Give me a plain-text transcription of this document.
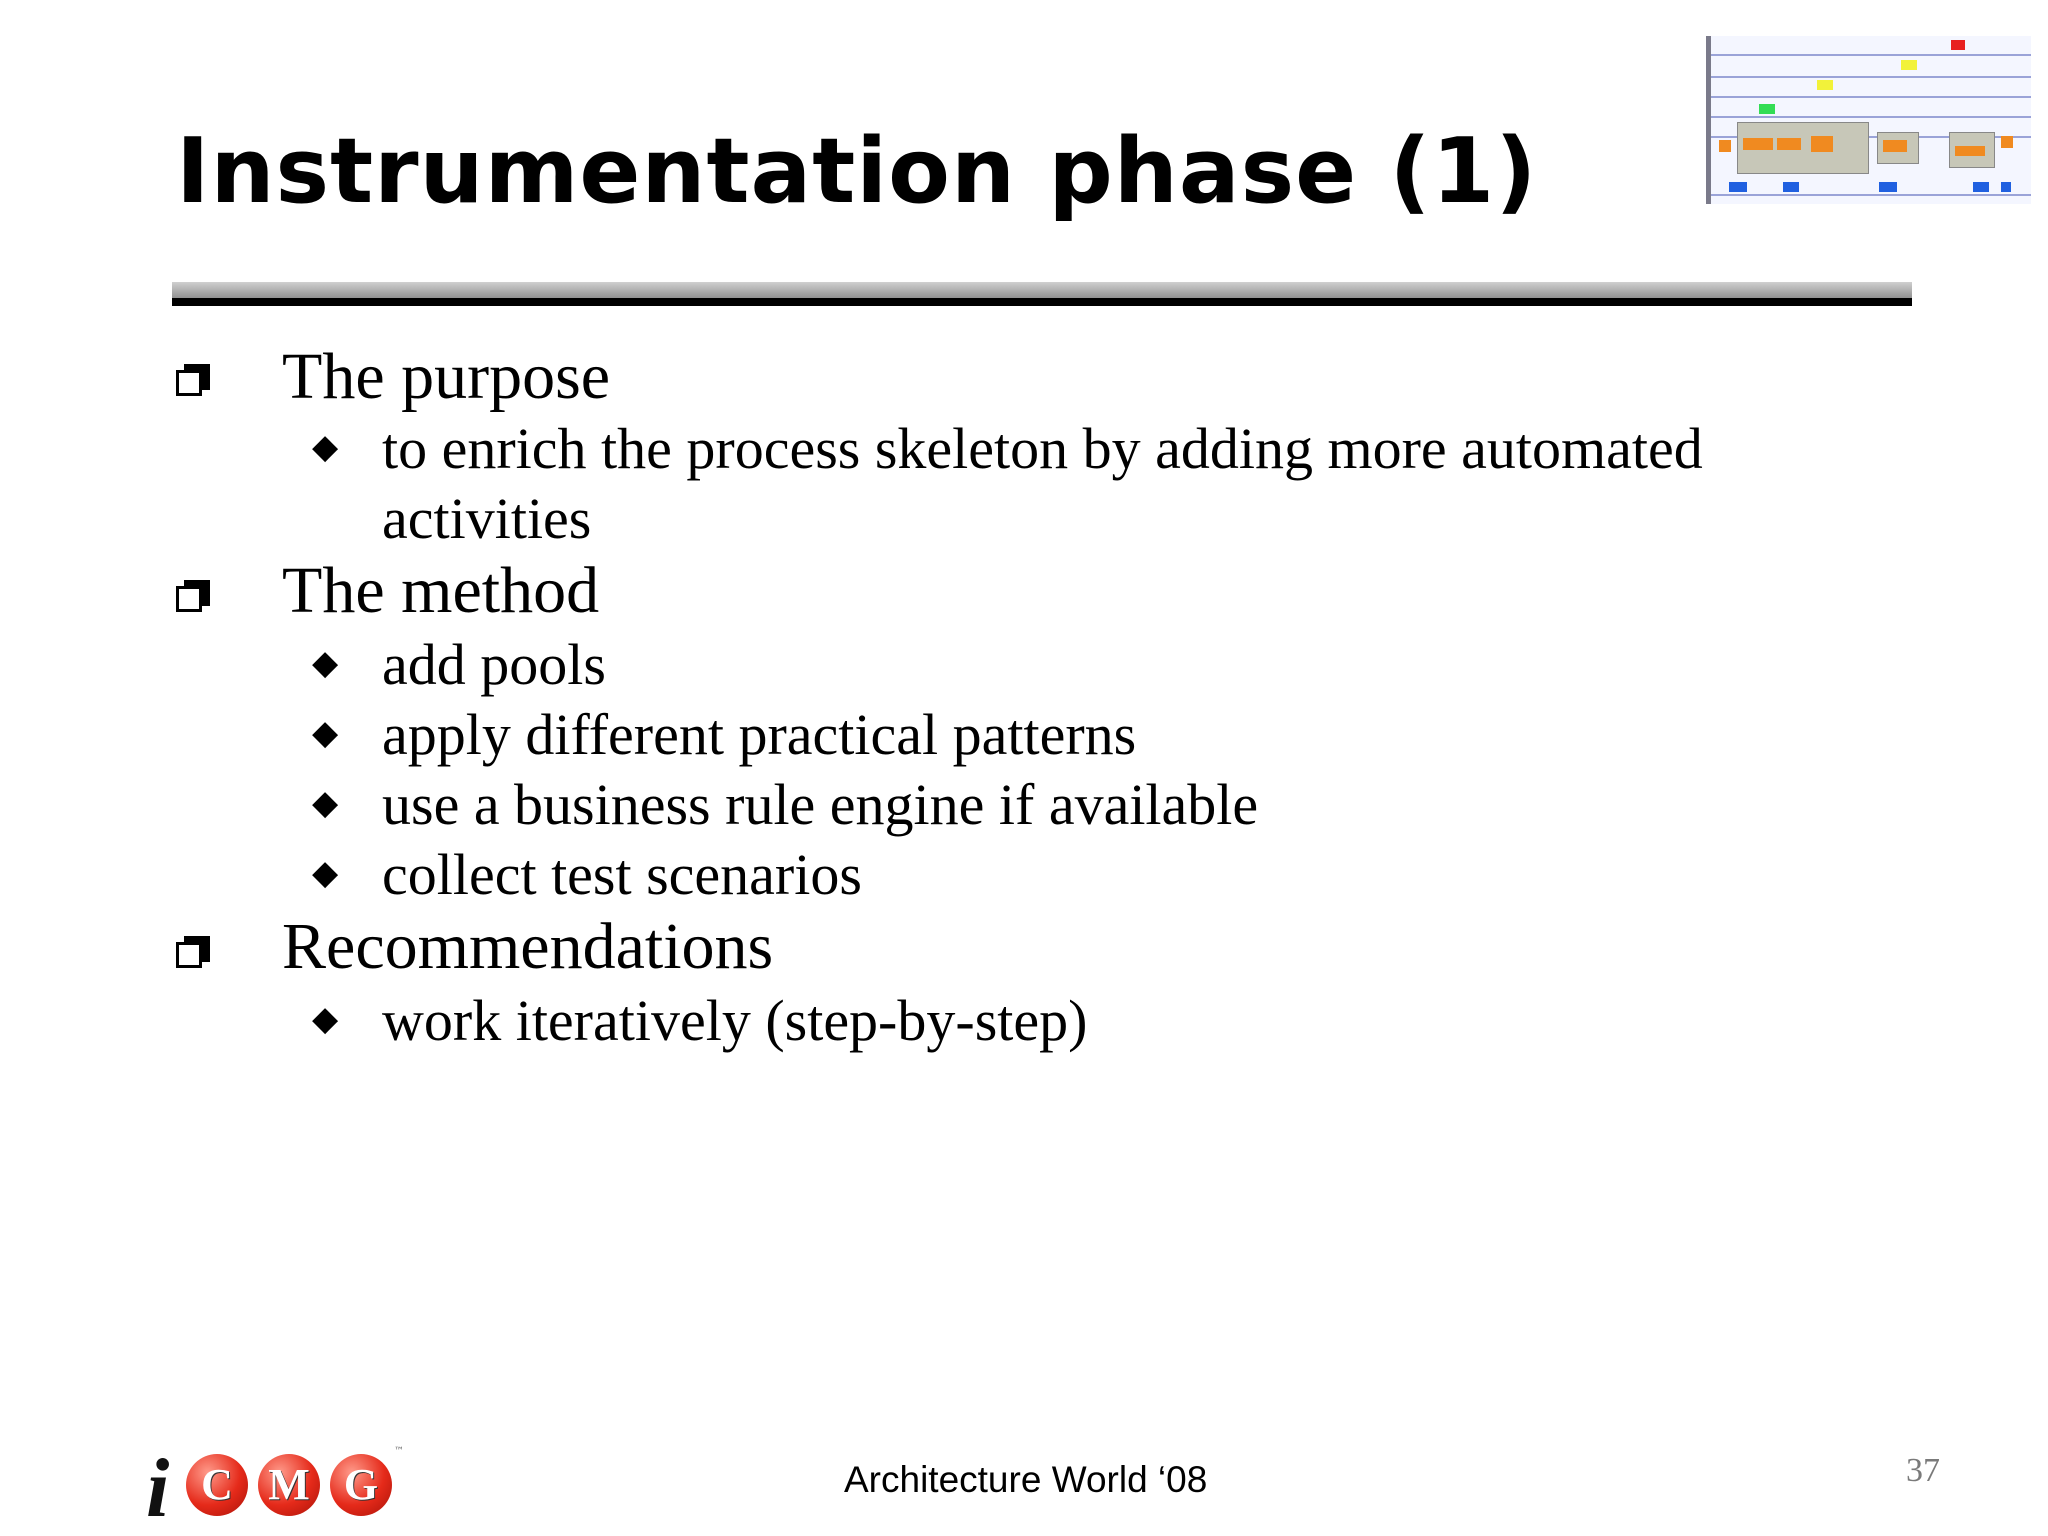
Instrumentation phase (1)
The purpose
◆ to enrich the process skeleton by adding more automated
activities
The method
◆ add pools
◆ apply different practical patterns
◆ use a business rule engine if available
◆ collect test scenarios
Recommendations
◆ work iteratively (step-by-step)
i C M G
™
Architecture World ‘08	37
